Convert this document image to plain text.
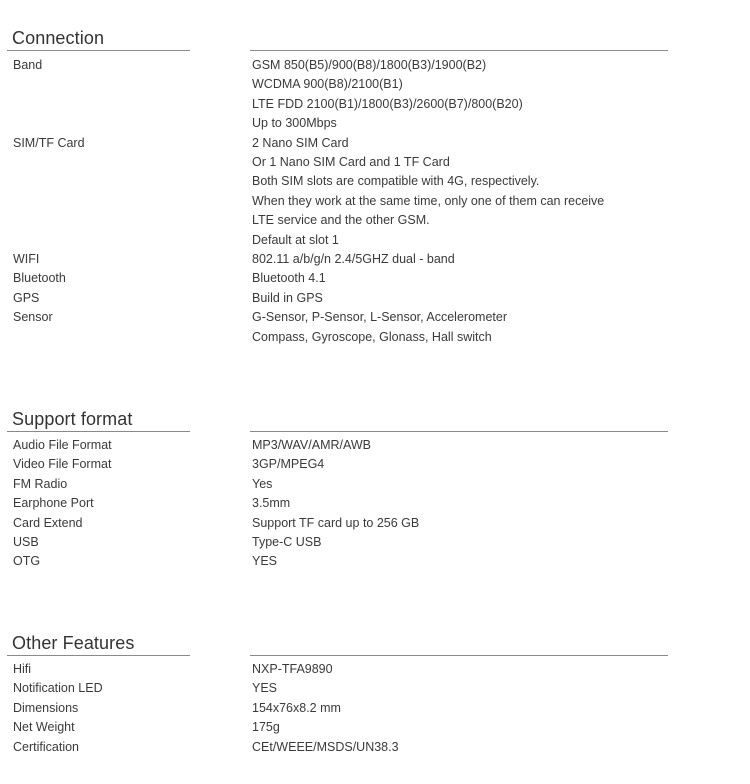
Connection
Band	GSM 850(B5)/900(B8)/1800(B3)/1900(B2)
WCDMA 900(B8)/2100(B1)
LTE FDD 2100(B1)/1800(B3)/2600(B7)/800(B20)
Up to 300Mbps
SIM/TF Card	2 Nano SIM Card
Or 1 Nano SIM Card and 1 TF Card
Both SIM slots are compatible with 4G, respectively.
When they work at the same time, only one of them can receive
LTE service and the other GSM.
Default at slot 1
WIFI	802.11 a/b/g/n 2.4/5GHZ dual - band
Bluetooth	Bluetooth 4.1
GPS	Build in GPS
Sensor	G-Sensor, P-Sensor, L-Sensor, Accelerometer
Compass, Gyroscope, Glonass, Hall switch
Support format
Audio File Format	MP3/WAV/AMR/AWB
Video File Format	3GP/MPEG4
FM Radio	Yes
Earphone Port	3.5mm
Card Extend	Support TF card up to 256 GB
USB	Type-C USB
OTG	YES
Other Features
Hifi	NXP-TFA9890
Notification LED	YES
Dimensions	154x76x8.2 mm
Net Weight	175g
Certification	CEt/WEEE/MSDS/UN38.3
